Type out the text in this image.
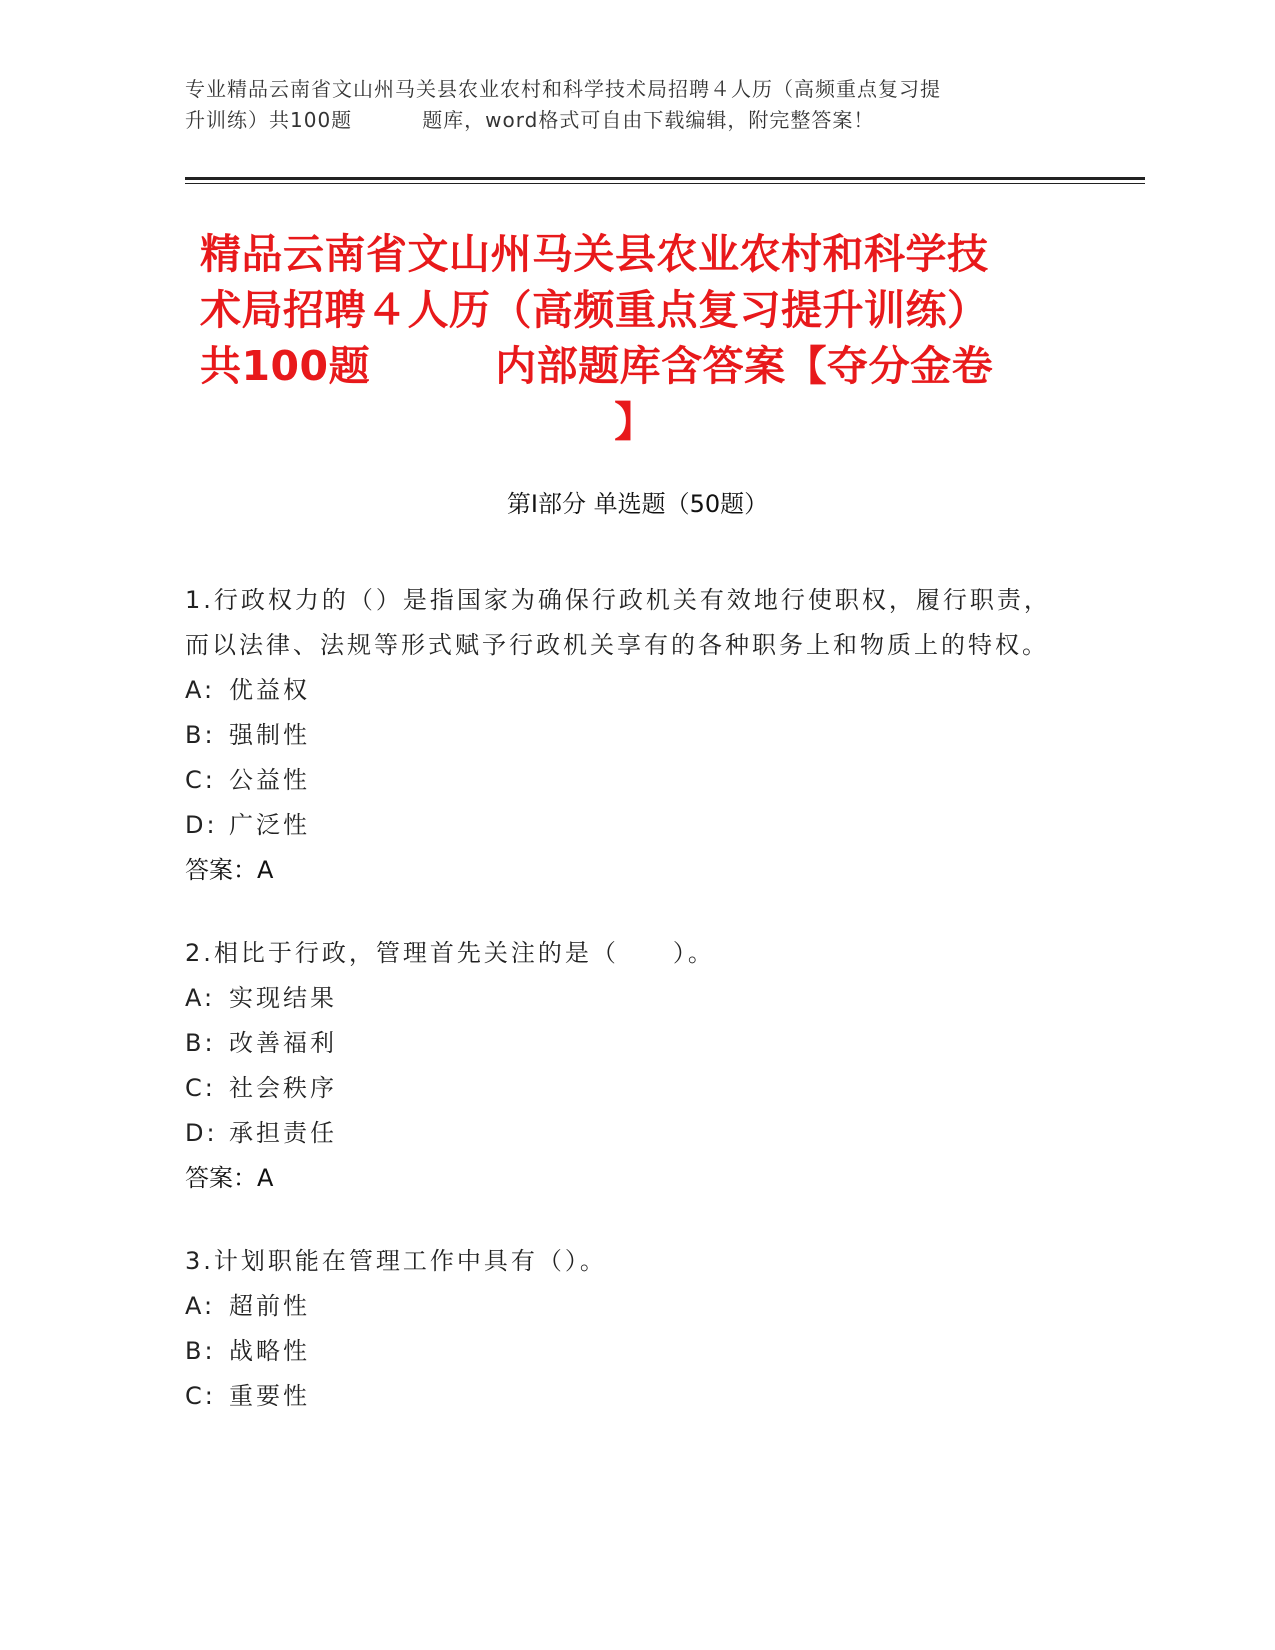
专业精品云南省文山州马关县农业农村和科学技术局招聘４人历（高频重点复习提
升训练）共100题	题库，word格式可自由下载编辑，附完整答案！
精品云南省文山州马关县农业农村和科学技
术局招聘４人历（高频重点复习提升训练）
共100题	内部题库含答案【夺分金卷
】
第Ⅰ部分 单选题（50题）
1.行政权力的（）是指国家为确保行政机关有效地行使职权，履行职责，而以法律、法规等形式赋予行政机关享有的各种职务上和物质上的特权。
A: 优益权
B: 强制性
C: 公益性
D: 广泛性
答案：A
2.相比于行政，管理首先关注的是（　　）。
A: 实现结果
B: 改善福利
C: 社会秩序
D: 承担责任
答案：A
3.计划职能在管理工作中具有（）。
A: 超前性
B: 战略性
C: 重要性
